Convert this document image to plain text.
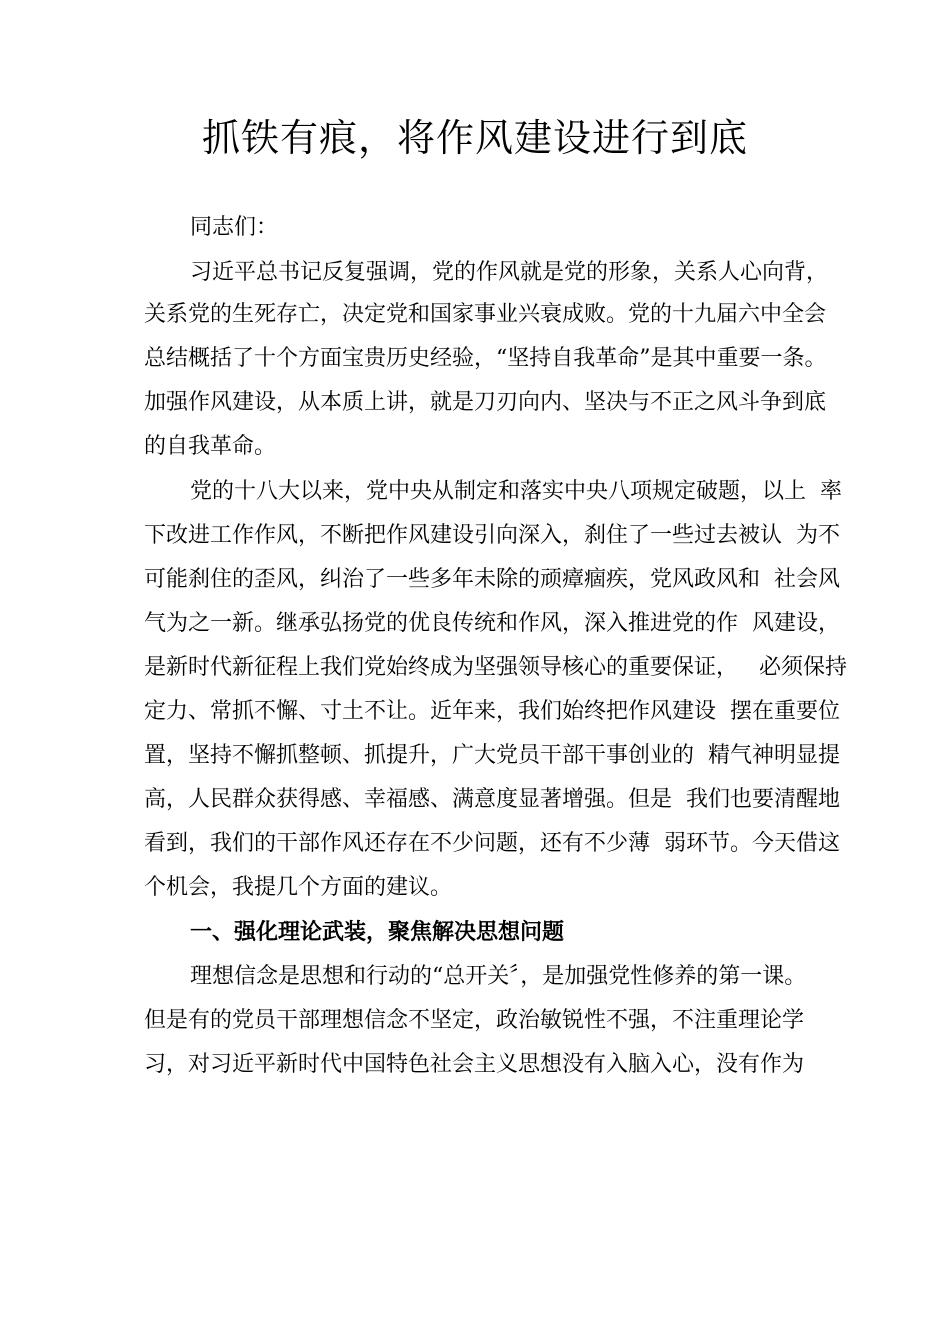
抓铁有痕，将作风建设进行到底

同志们：

习近平总书记反复强调，党的作风就是党的形象，关系人心向背，

关系党的生死存亡，决定党和国家事业兴衰成败。党的十九届六中全会

总结概括了十个方面宝贵历史经验，“坚持自我革命”是其中重要一条。

加强作风建设，从本质上讲，就是刀刃向内、坚决与不正之风斗争到底

的自我革命。

党的十八大以来，党中央从制定和落实中央八项规定破题，以上  率

下改进工作作风，不断把作风建设引向深入，刹住了一些过去被认  为不

可能刹住的歪风，纠治了一些多年未除的顽瘴痼疾，党风政风和  社会风

气为之一新。继承弘扬党的优良传统和作风，深入推进党的作  风建设，

是新时代新征程上我们党始终成为坚强领导核心的重要保证，   必须保持

定力、常抓不懈、寸土不让。近年来，我们始终把作风建设  摆在重要位

置，坚持不懈抓整顿、抓提升，广大党员干部干事创业的  精气神明显提

高，人民群众获得感、幸福感、满意度显著增强。但是  我们也要清醒地

看到，我们的干部作风还存在不少问题，还有不少薄  弱环节。今天借这

个机会，我提几个方面的建议。

一、强化理论武装，聚焦解决思想问题

理想信念是思想和行动的“总开关〞，是加强党性修养的第一课。

但是有的党员干部理想信念不坚定，政治敏锐性不强，不注重理论学

习，对习近平新时代中国特色社会主义思想没有入脑入心，没有作为
